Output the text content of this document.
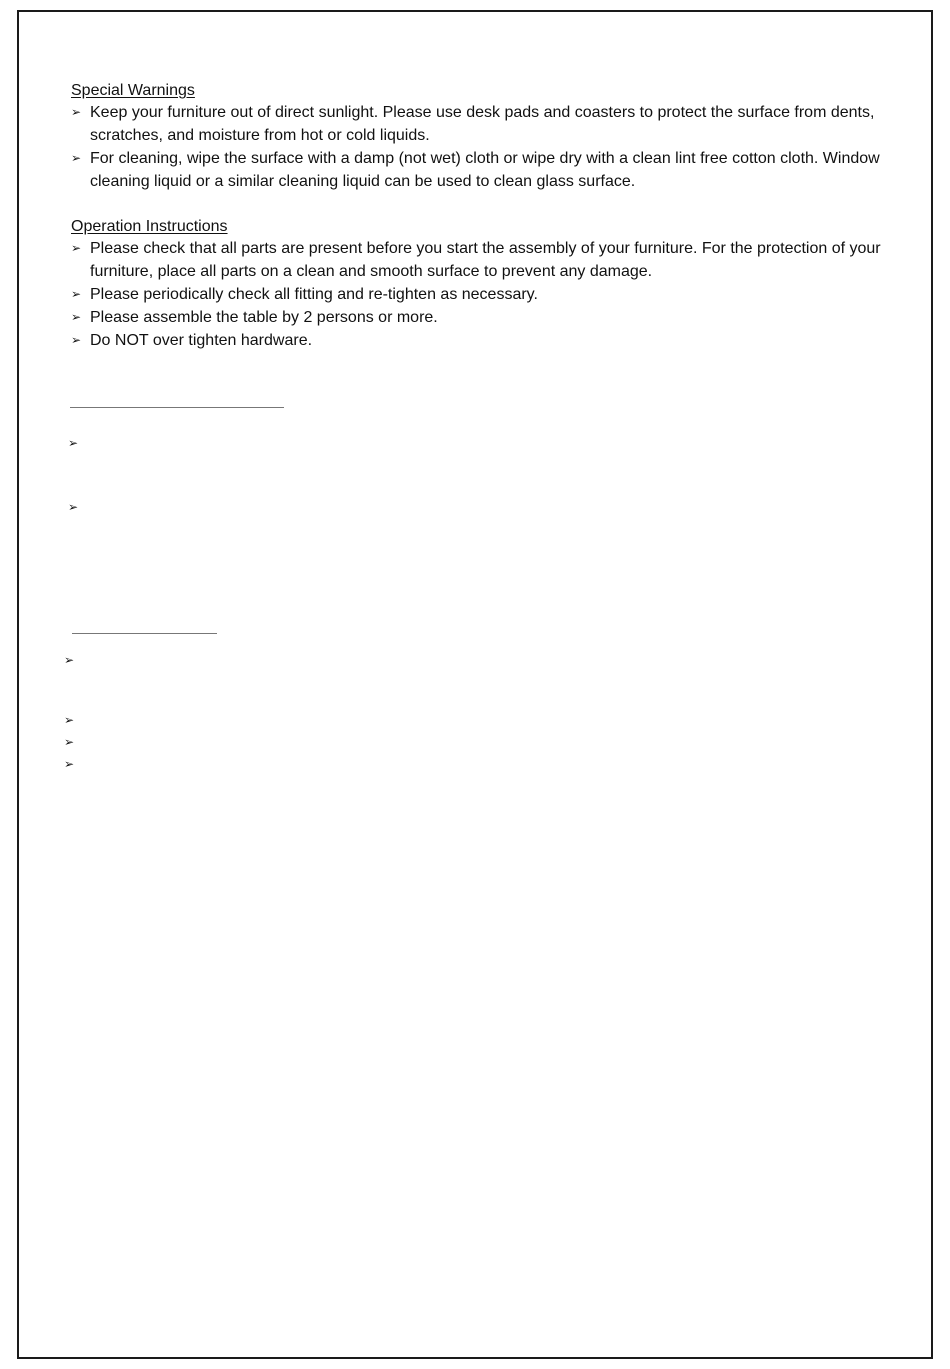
Special Warnings

➢ Keep your furniture out of direct sunlight. Please use desk pads and coasters to protect the surface from dents, scratches, and moisture from hot or cold liquids.
➢ For cleaning, wipe the surface with a damp (not wet) cloth or wipe dry with a clean lint free cotton cloth. Window cleaning liquid or a similar cleaning liquid can be used to clean glass surface.

Operation Instructions

➢ Please check that all parts are present before you start the assembly of your furniture. For the protection of your furniture, place all parts on a clean and smooth surface to prevent any damage.
➢ Please periodically check all fitting and re-tighten as necessary.
➢ Please assemble the table by 2 persons or more.
➢ Do NOT over tighten hardware.
➢
➢
➢
➢
➢
➢
